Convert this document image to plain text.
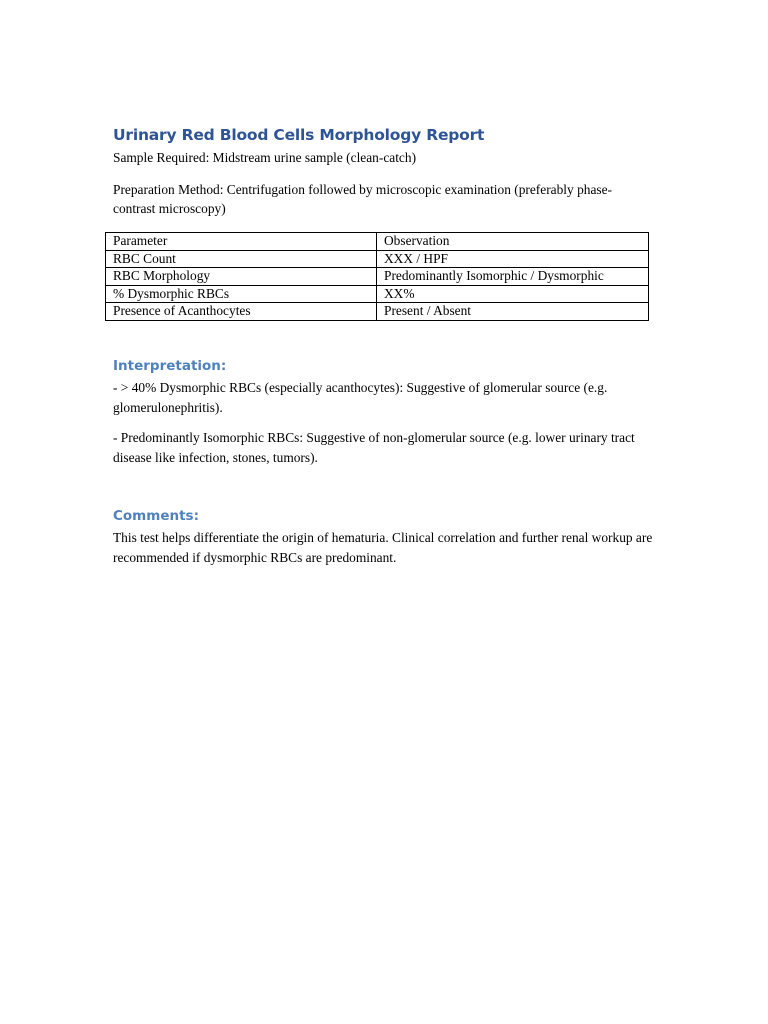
Urinary Red Blood Cells Morphology Report

Sample Required: Midstream urine sample (clean-catch)

Preparation Method: Centrifugation followed by microscopic examination (preferably phase-contrast microscopy)

Parameter	Observation
RBC Count	XXX / HPF
RBC Morphology	Predominantly Isomorphic / Dysmorphic
% Dysmorphic RBCs	XX%
Presence of Acanthocytes	Present / Absent
Interpretation:

- > 40% Dysmorphic RBCs (especially acanthocytes): Suggestive of glomerular source (e.g. glomerulonephritis).

- Predominantly Isomorphic RBCs: Suggestive of non-glomerular source (e.g. lower urinary tract disease like infection, stones, tumors).

Comments:

This test helps differentiate the origin of hematuria. Clinical correlation and further renal workup are recommended if dysmorphic RBCs are predominant.
